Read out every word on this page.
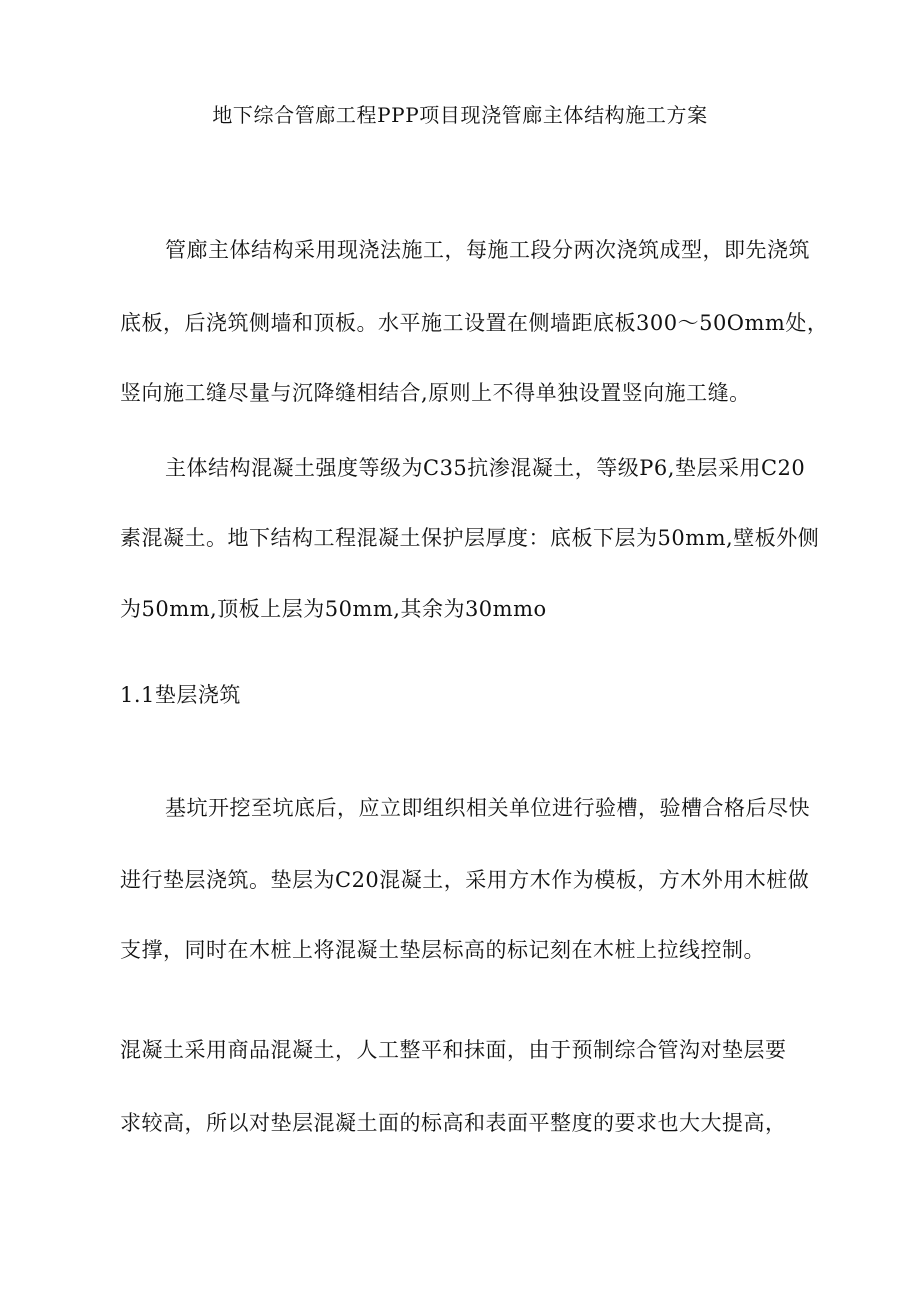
地下综合管廊工程PPP项目现浇管廊主体结构施工方案
管廊主体结构采用现浇法施工，每施工段分两次浇筑成型，即先浇筑
底板，后浇筑侧墙和顶板。水平施工设置在侧墙距底板300～50Omm处，
竖向施工缝尽量与沉降缝相结合,原则上不得单独设置竖向施工缝。
主体结构混凝土强度等级为C35抗渗混凝土，等级P6,垫层采用C20
素混凝土。地下结构工程混凝土保护层厚度：底板下层为50mm,壁板外侧
为50mm,顶板上层为50mm,其余为30mmo
1.1垫层浇筑
基坑开挖至坑底后，应立即组织相关单位进行验槽，验槽合格后尽快
进行垫层浇筑。垫层为C20混凝土，采用方木作为模板，方木外用木桩做
支撑，同时在木桩上将混凝土垫层标高的标记刻在木桩上拉线控制。
混凝土采用商品混凝土，人工整平和抹面，由于预制综合管沟对垫层要
求较高，所以对垫层混凝土面的标高和表面平整度的要求也大大提高，
